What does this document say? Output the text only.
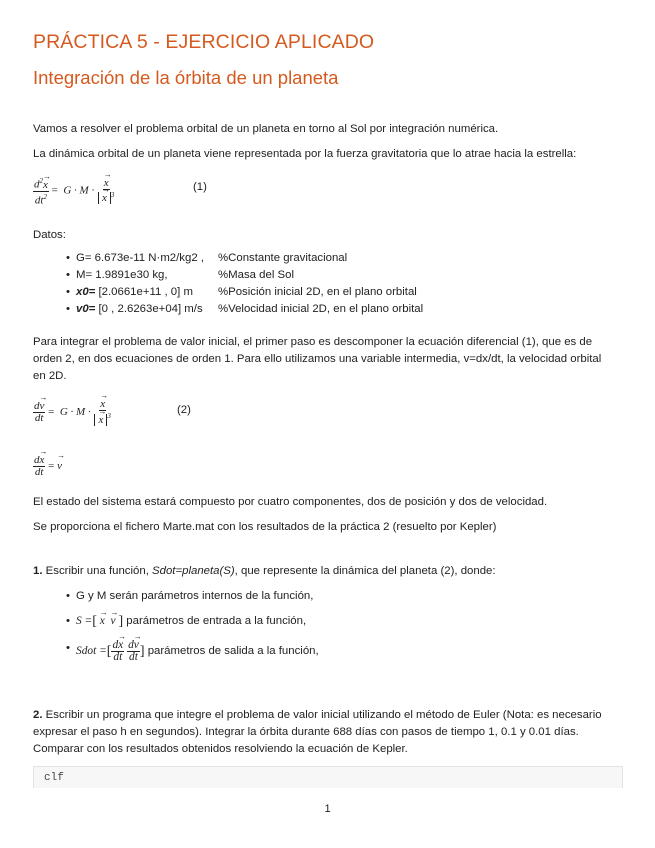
PRÁCTICA 5 - EJERCICIO APLICADO
Integración de la órbita de un planeta
Vamos a resolver el problema orbital de un planeta en torno al Sol por integración numérica.
La dinámica orbital de un planeta viene representada por la fuerza gravitatoria que lo atrae hacia la estrella:
$\frac{d^2x \to}{dt^2} = G \cdot M \cdot \frac{x \to}{x \to ^3}$	(1)
Datos:
• G= 6.673e-11 N·m2/kg2 , %Constante gravitacional
• M= 1.9891e30 kg,	%Masa del Sol
• x0= [2.0661e+11 , 0] m %Posición inicial 2D, en el plano orbital
• v0= [0 , 2.6263e+04] m/s %Velocidad inicial 2D, en el plano orbital
Para integrar el problema de valor inicial, el primer paso es descomponer la ecuación diferencial (1), que es de orden 2, en dos ecuaciones de orden 1. Para ello utilizamos una variable intermedia, v=dx/dt, la velocidad orbital en 2D.
$\frac{dv \to}{dt} = G \cdot M \cdot \frac{x \to}{x \to ^3}$	(2)
$\frac{dx \to}{dt} = v$ →
El estado del sistema estará compuesto por cuatro componentes, dos de posición y dos de velocidad.
Se proporciona el fichero Marte.mat con los resultados de la práctica 2 (resuelto por Kepler)
1. Escribir una función, Sdot=planeta(S), que represente la dinámica del planeta (2), donde:
• G y M serán parámetros internos de la función,
• S =[ x → v → ] parámetros de entrada a la función,
• Sdot =[ $\frac{dx \to}{dt}$
$\frac{dv \to}{dt}$ ] parámetros de salida a la función,
2. Escribir un programa que integre el problema de valor inicial utilizando el método de Euler (Nota: es necesario expresar el paso h en segundos). Integrar la órbita durante 688 días con pasos de tiempo 1, 0.1 y 0.01 días. Comparar con los resultados obtenidos resolviendo la ecuación de Kepler.
clf
1
